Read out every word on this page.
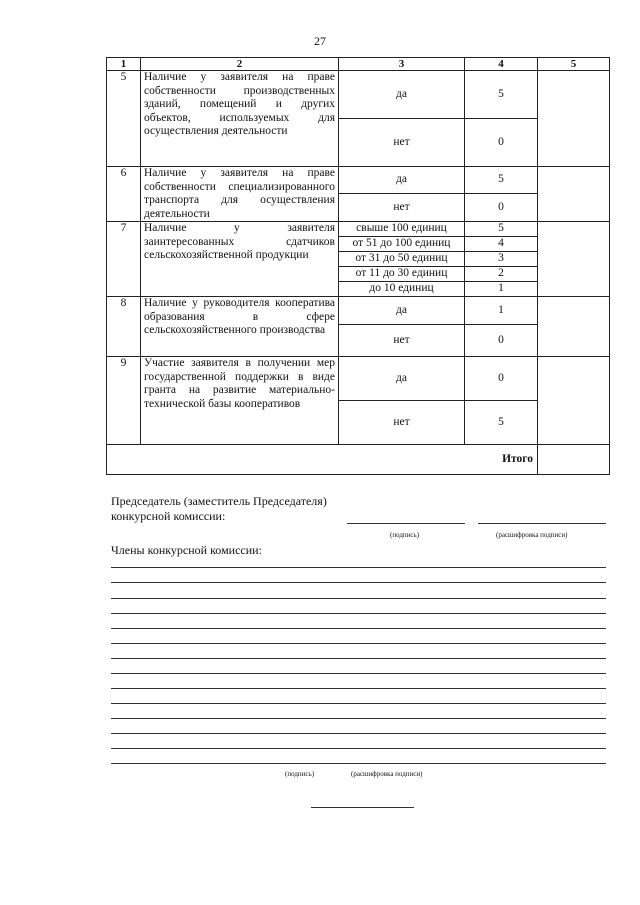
27
1	2	3	4	5
5	Наличие у заявителя на праве собственности производственных зданий, помещений и других объектов, используемых для осуществления деятельности	да	5	
		нет	0	
6	Наличие у заявителя на праве собственности специализированного транспорта для осуществления деятельности	да	5	
		нет	0	
7	Наличие у заявителя заинтересованных сдатчиков сельскохозяйственной продукции	свыше 100 единиц	5	
		от 51 до 100 единиц	4	
		от 31 до 50 единиц	3	
		от 11 до 30 единиц	2	
		до 10 единиц	1	
8	Наличие у руководителя кооператива образования в сфере сельскохозяйственного производства	да	1	
		нет	0	
9	Участие заявителя в получении мер государственной поддержки в виде гранта на развитие материально-технической базы кооперативов	да	0	
		нет	5	
Итого				
Председатель (заместитель Председателя)
конкурсной комиссии:
(подпись)	(расшифровка подписи)
Члены конкурсной комиссии:
(подпись)	(расшифровка подписи)
